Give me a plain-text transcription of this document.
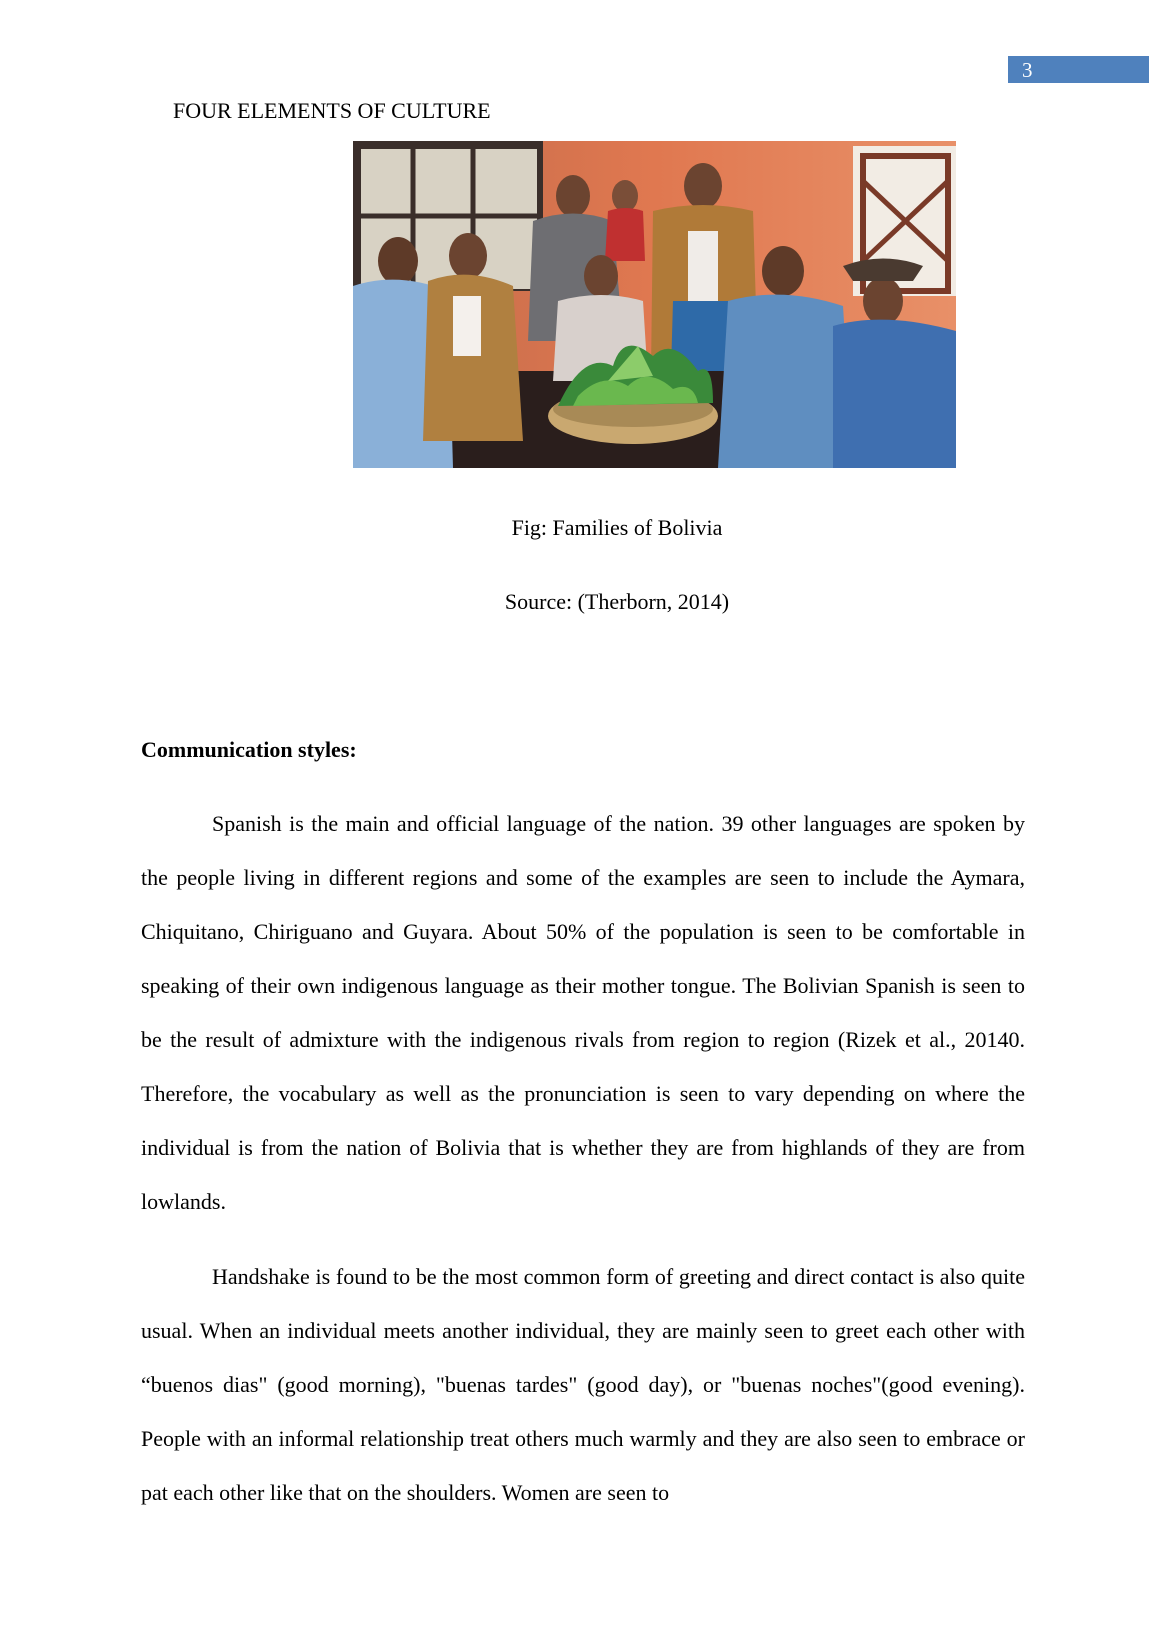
3
FOUR ELEMENTS OF CULTURE
Fig: Families of Bolivia
Source: (Therborn, 2014)
Communication styles:

Spanish is the main and official language of the nation. 39 other languages are spoken by the people living in different regions and some of the examples are seen to include the Aymara, Chiquitano, Chiriguano and Guyara. About 50% of the population is seen to be comfortable in speaking of their own indigenous language as their mother tongue. The Bolivian Spanish is seen to be the result of admixture with the indigenous rivals from region to region (Rizek et al., 20140. Therefore, the vocabulary as well as the pronunciation is seen to vary depending on where the individual is from the nation of Bolivia that is whether they are from highlands of they are from lowlands.

Handshake is found to be the most common form of greeting and direct contact is also quite usual. When an individual meets another individual, they are mainly seen to greet each other with “buenos dias" (good morning), "buenas tardes" (good day), or "buenas noches"(good evening). People with an informal relationship treat others much warmly and they are also seen to embrace or pat each other like that on the shoulders. Women are seen to
